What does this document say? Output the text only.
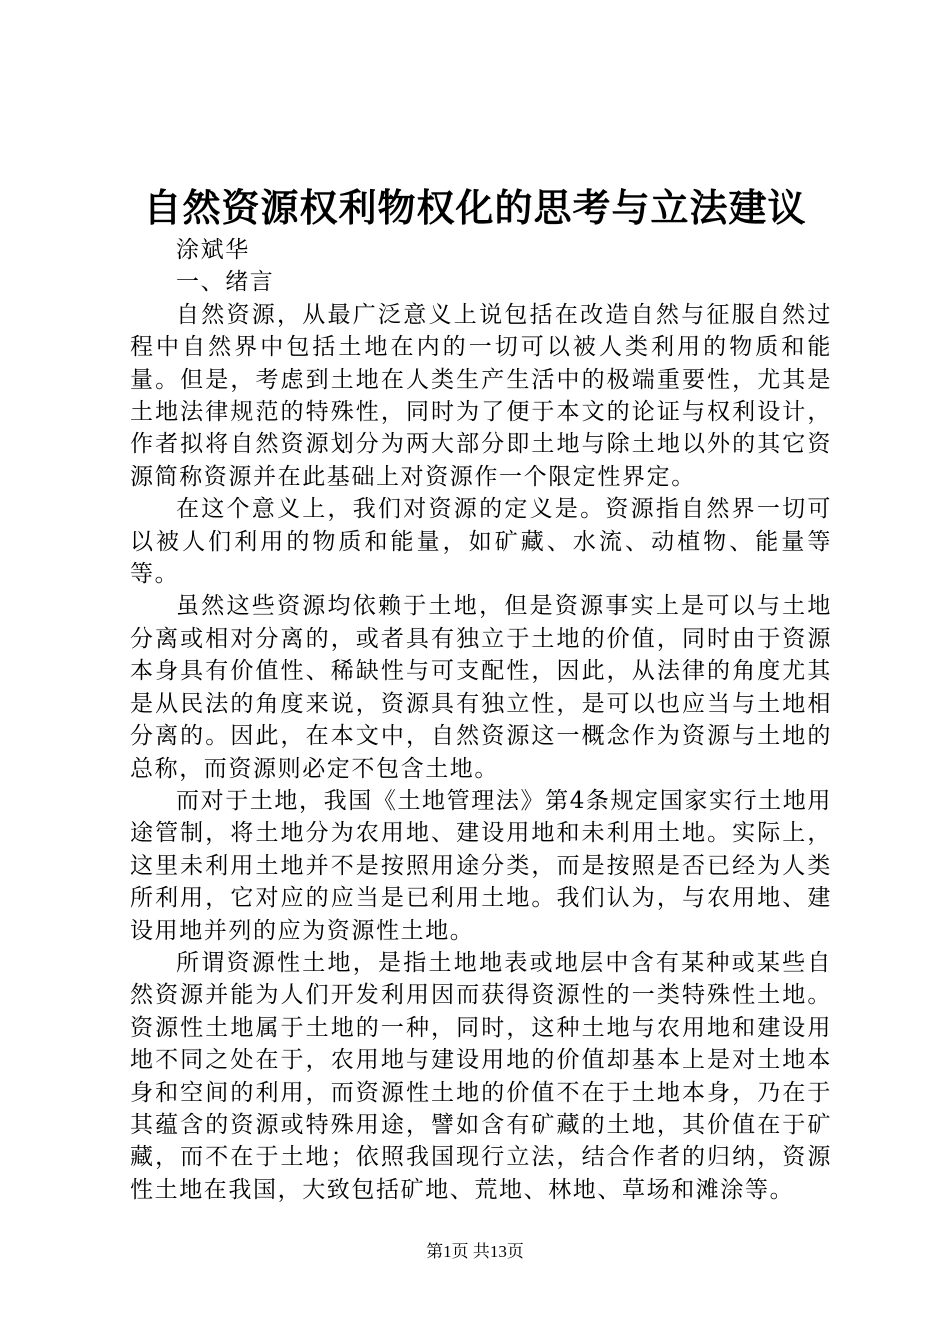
自然资源权利物权化的思考与立法建议

涂斌华

一、绪言

自然资源，从最广泛意义上说包括在改造自然与征服自然过程中自然界中包括土地在内的一切可以被人类利用的物质和能量。但是，考虑到土地在人类生产生活中的极端重要性，尤其是土地法律规范的特殊性，同时为了便于本文的论证与权利设计，作者拟将自然资源划分为两大部分即土地与除土地以外的其它资源简称资源并在此基础上对资源作一个限定性界定。

在这个意义上，我们对资源的定义是。资源指自然界一切可以被人们利用的物质和能量，如矿藏、水流、动植物、能量等等。

虽然这些资源均依赖于土地，但是资源事实上是可以与土地分离或相对分离的，或者具有独立于土地的价值，同时由于资源本身具有价值性、稀缺性与可支配性，因此，从法律的角度尤其是从民法的角度来说，资源具有独立性，是可以也应当与土地相分离的。因此，在本文中，自然资源这一概念作为资源与土地的总称，而资源则必定不包含土地。

而对于土地，我国《土地管理法》第4条规定国家实行土地用途管制，将土地分为农用地、建设用地和未利用土地。实际上，这里未利用土地并不是按照用途分类，而是按照是否已经为人类所利用，它对应的应当是已利用土地。我们认为，与农用地、建设用地并列的应为资源性土地。

所谓资源性土地，是指土地地表或地层中含有某种或某些自然资源并能为人们开发利用因而获得资源性的一类特殊性土地。资源性土地属于土地的一种，同时，这种土地与农用地和建设用地不同之处在于，农用地与建设用地的价值却基本上是对土地本身和空间的利用，而资源性土地的价值不在于土地本身，乃在于其蕴含的资源或特殊用途，譬如含有矿藏的土地，其价值在于矿藏，而不在于土地；依照我国现行立法，结合作者的归纳，资源性土地在我国，大致包括矿地、荒地、林地、草场和滩涂等。

第1页 共13页
